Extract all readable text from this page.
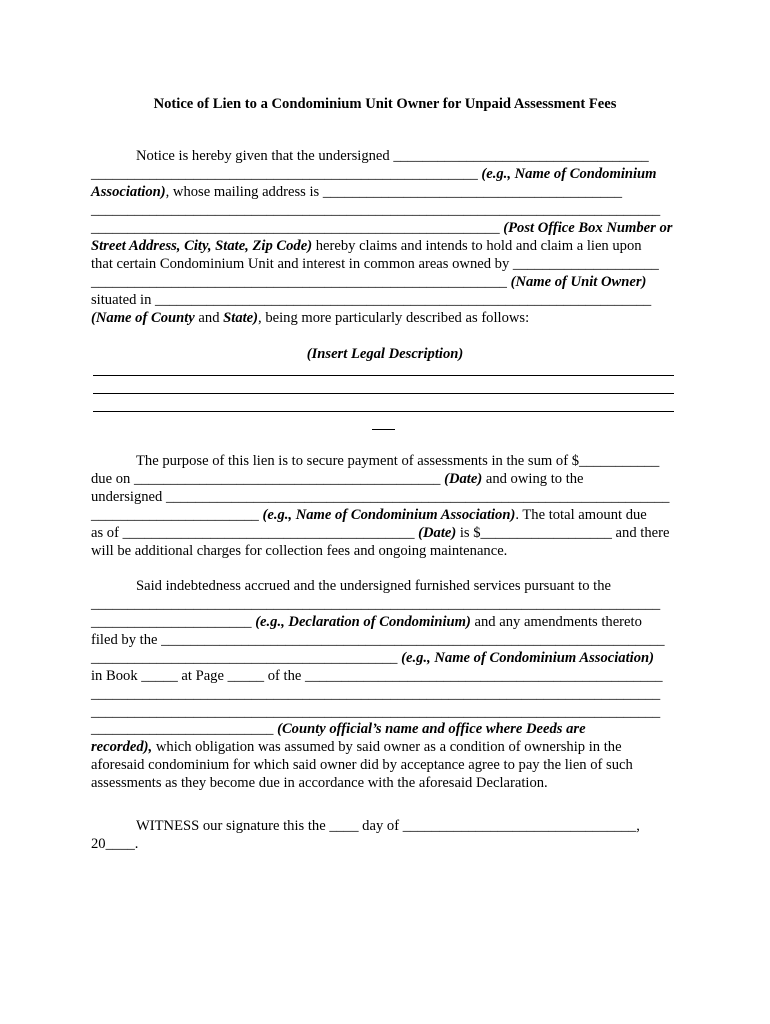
Notice of Lien to a Condominium Unit Owner for Unpaid Assessment Fees
Notice is hereby given that the undersigned ___________________________________
_____________________________________________________ (e.g., Name of Condominium
Association), whose mailing address is _________________________________________
______________________________________________________________________________
________________________________________________________ (Post Office Box Number or
Street Address, City, State, Zip Code) hereby claims and intends to hold and claim a lien upon
that certain Condominium Unit and interest in common areas owned by ____________________
_________________________________________________________ (Name of Unit Owner)
situated in ____________________________________________________________________
(Name of County and State), being more particularly described as follows:
(Insert Legal Description)
The purpose of this lien is to secure payment of assessments in the sum of $___________
due on __________________________________________ (Date) and owing to the
undersigned _____________________________________________________________________
_______________________ (e.g., Name of Condominium Association). The total amount due
as of ________________________________________ (Date) is $__________________ and there
will be additional charges for collection fees and ongoing maintenance.
Said indebtedness accrued and the undersigned furnished services pursuant to the
______________________________________________________________________________
______________________ (e.g., Declaration of Condominium) and any amendments thereto
filed by the _____________________________________________________________________
__________________________________________ (e.g., Name of Condominium Association)
in Book _____ at Page _____ of the _________________________________________________
______________________________________________________________________________
______________________________________________________________________________
_________________________ (County official’s name and office where Deeds are
recorded), which obligation was assumed by said owner as a condition of ownership in the
aforesaid condominium for which said owner did by acceptance agree to pay the lien of such
assessments as they become due in accordance with the aforesaid Declaration.
WITNESS our signature this the ____ day of ________________________________,
20____.
